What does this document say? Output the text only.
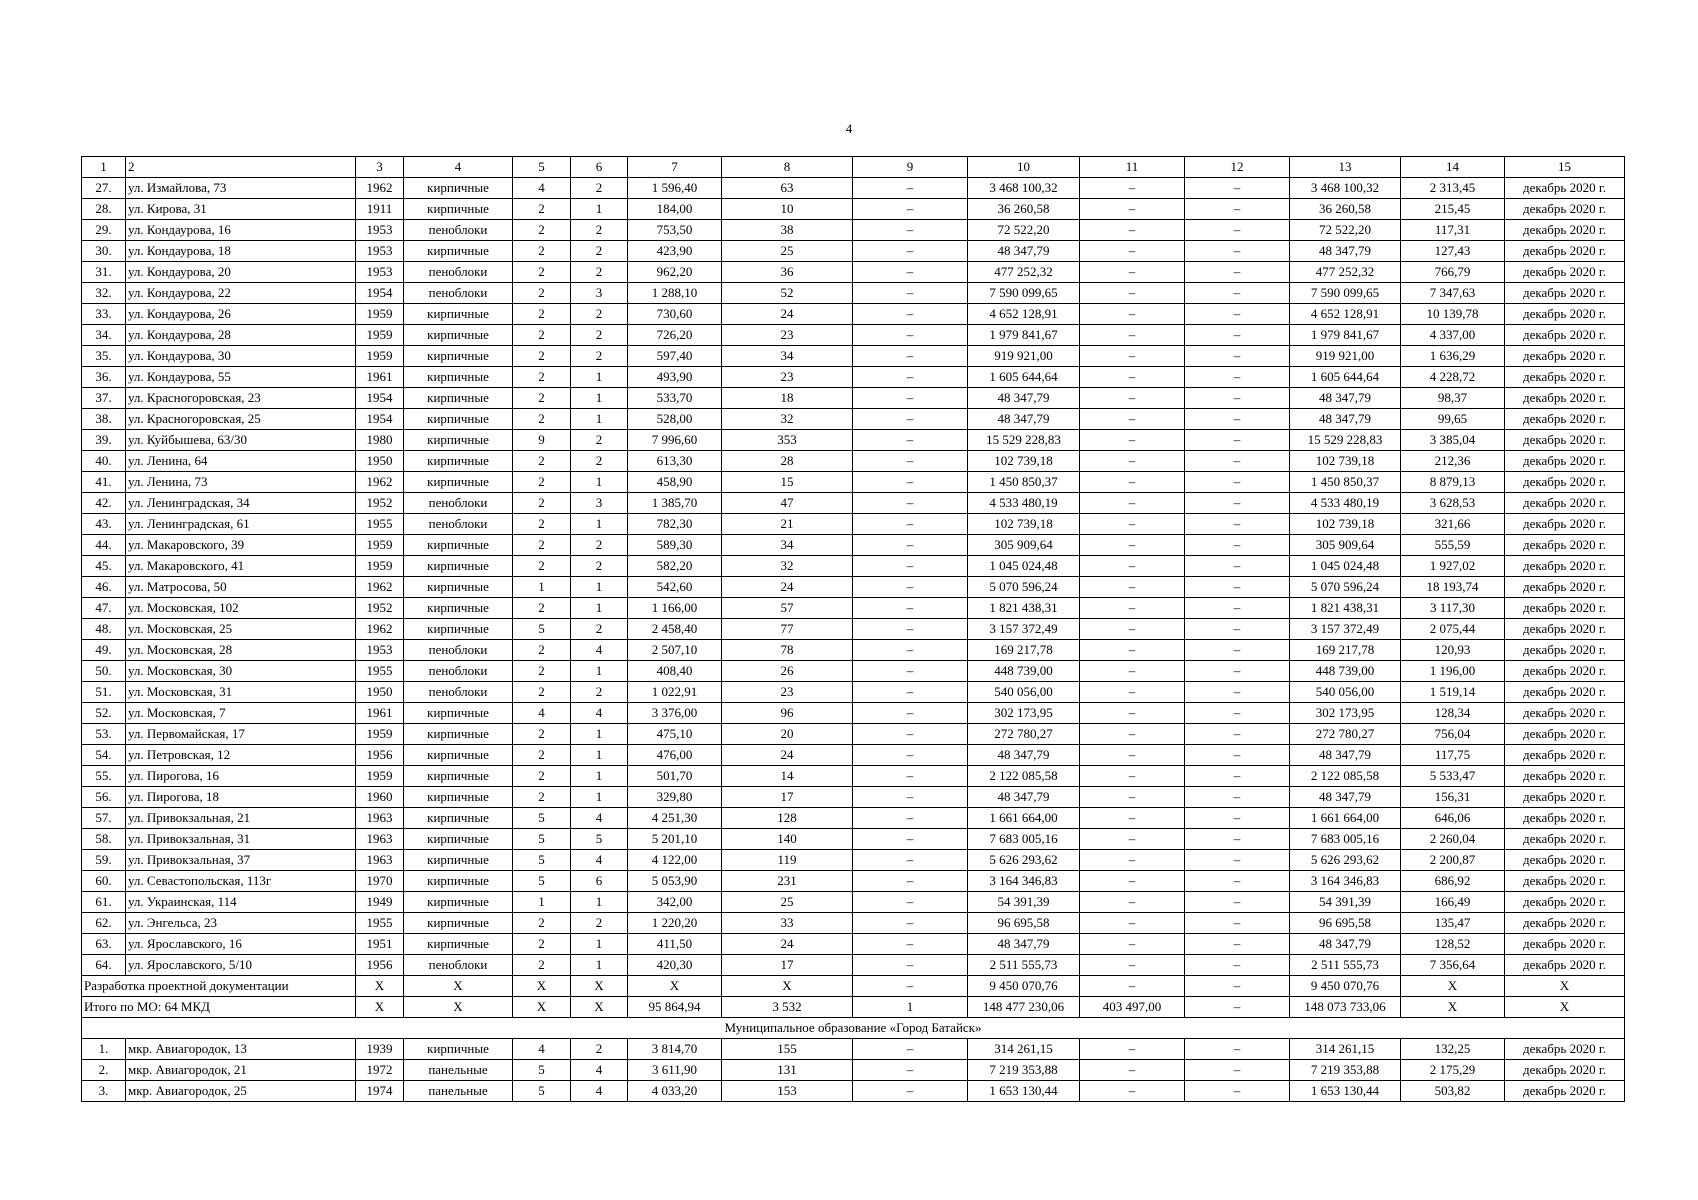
4
1	2	3	4	5	6	7	8	9	10	11	12	13	14	15
27.	ул. Измайлова, 73	1962	кирпичные	4	2	1 596,40	63	–	3 468 100,32	–	–	3 468 100,32	2 313,45	декабрь 2020 г.
28.	ул. Кирова, 31	1911	кирпичные	2	1	184,00	10	–	36 260,58	–	–	36 260,58	215,45	декабрь 2020 г.
29.	ул. Кондаурова, 16	1953	пеноблоки	2	2	753,50	38	–	72 522,20	–	–	72 522,20	117,31	декабрь 2020 г.
30.	ул. Кондаурова, 18	1953	кирпичные	2	2	423,90	25	–	48 347,79	–	–	48 347,79	127,43	декабрь 2020 г.
31.	ул. Кондаурова, 20	1953	пеноблоки	2	2	962,20	36	–	477 252,32	–	–	477 252,32	766,79	декабрь 2020 г.
32.	ул. Кондаурова, 22	1954	пеноблоки	2	3	1 288,10	52	–	7 590 099,65	–	–	7 590 099,65	7 347,63	декабрь 2020 г.
33.	ул. Кондаурова, 26	1959	кирпичные	2	2	730,60	24	–	4 652 128,91	–	–	4 652 128,91	10 139,78	декабрь 2020 г.
34.	ул. Кондаурова, 28	1959	кирпичные	2	2	726,20	23	–	1 979 841,67	–	–	1 979 841,67	4 337,00	декабрь 2020 г.
35.	ул. Кондаурова, 30	1959	кирпичные	2	2	597,40	34	–	919 921,00	–	–	919 921,00	1 636,29	декабрь 2020 г.
36.	ул. Кондаурова, 55	1961	кирпичные	2	1	493,90	23	–	1 605 644,64	–	–	1 605 644,64	4 228,72	декабрь 2020 г.
37.	ул. Красногоровская, 23	1954	кирпичные	2	1	533,70	18	–	48 347,79	–	–	48 347,79	98,37	декабрь 2020 г.
38.	ул. Красногоровская, 25	1954	кирпичные	2	1	528,00	32	–	48 347,79	–	–	48 347,79	99,65	декабрь 2020 г.
39.	ул. Куйбышева, 63/30	1980	кирпичные	9	2	7 996,60	353	–	15 529 228,83	–	–	15 529 228,83	3 385,04	декабрь 2020 г.
40.	ул. Ленина, 64	1950	кирпичные	2	2	613,30	28	–	102 739,18	–	–	102 739,18	212,36	декабрь 2020 г.
41.	ул. Ленина, 73	1962	кирпичные	2	1	458,90	15	–	1 450 850,37	–	–	1 450 850,37	8 879,13	декабрь 2020 г.
42.	ул. Ленинградская, 34	1952	пеноблоки	2	3	1 385,70	47	–	4 533 480,19	–	–	4 533 480,19	3 628,53	декабрь 2020 г.
43.	ул. Ленинградская, 61	1955	пеноблоки	2	1	782,30	21	–	102 739,18	–	–	102 739,18	321,66	декабрь 2020 г.
44.	ул. Макаровского, 39	1959	кирпичные	2	2	589,30	34	–	305 909,64	–	–	305 909,64	555,59	декабрь 2020 г.
45.	ул. Макаровского, 41	1959	кирпичные	2	2	582,20	32	–	1 045 024,48	–	–	1 045 024,48	1 927,02	декабрь 2020 г.
46.	ул. Матросова, 50	1962	кирпичные	1	1	542,60	24	–	5 070 596,24	–	–	5 070 596,24	18 193,74	декабрь 2020 г.
47.	ул. Московская, 102	1952	кирпичные	2	1	1 166,00	57	–	1 821 438,31	–	–	1 821 438,31	3 117,30	декабрь 2020 г.
48.	ул. Московская, 25	1962	кирпичные	5	2	2 458,40	77	–	3 157 372,49	–	–	3 157 372,49	2 075,44	декабрь 2020 г.
49.	ул. Московская, 28	1953	пеноблоки	2	4	2 507,10	78	–	169 217,78	–	–	169 217,78	120,93	декабрь 2020 г.
50.	ул. Московская, 30	1955	пеноблоки	2	1	408,40	26	–	448 739,00	–	–	448 739,00	1 196,00	декабрь 2020 г.
51.	ул. Московская, 31	1950	пеноблоки	2	2	1 022,91	23	–	540 056,00	–	–	540 056,00	1 519,14	декабрь 2020 г.
52.	ул. Московская, 7	1961	кирпичные	4	4	3 376,00	96	–	302 173,95	–	–	302 173,95	128,34	декабрь 2020 г.
53.	ул. Первомайская, 17	1959	кирпичные	2	1	475,10	20	–	272 780,27	–	–	272 780,27	756,04	декабрь 2020 г.
54.	ул. Петровская, 12	1956	кирпичные	2	1	476,00	24	–	48 347,79	–	–	48 347,79	117,75	декабрь 2020 г.
55.	ул. Пирогова, 16	1959	кирпичные	2	1	501,70	14	–	2 122 085,58	–	–	2 122 085,58	5 533,47	декабрь 2020 г.
56.	ул. Пирогова, 18	1960	кирпичные	2	1	329,80	17	–	48 347,79	–	–	48 347,79	156,31	декабрь 2020 г.
57.	ул. Привокзальная, 21	1963	кирпичные	5	4	4 251,30	128	–	1 661 664,00	–	–	1 661 664,00	646,06	декабрь 2020 г.
58.	ул. Привокзальная, 31	1963	кирпичные	5	5	5 201,10	140	–	7 683 005,16	–	–	7 683 005,16	2 260,04	декабрь 2020 г.
59.	ул. Привокзальная, 37	1963	кирпичные	5	4	4 122,00	119	–	5 626 293,62	–	–	5 626 293,62	2 200,87	декабрь 2020 г.
60.	ул. Севастопольская, 113г	1970	кирпичные	5	6	5 053,90	231	–	3 164 346,83	–	–	3 164 346,83	686,92	декабрь 2020 г.
61.	ул. Украинская, 114	1949	кирпичные	1	1	342,00	25	–	54 391,39	–	–	54 391,39	166,49	декабрь 2020 г.
62.	ул. Энгельса, 23	1955	кирпичные	2	2	1 220,20	33	–	96 695,58	–	–	96 695,58	135,47	декабрь 2020 г.
63.	ул. Ярославского, 16	1951	кирпичные	2	1	411,50	24	–	48 347,79	–	–	48 347,79	128,52	декабрь 2020 г.
64.	ул. Ярославского, 5/10	1956	пеноблоки	2	1	420,30	17	–	2 511 555,73	–	–	2 511 555,73	7 356,64	декабрь 2020 г.
Разработка проектной документации		X	X	X	X	X	X	–	9 450 070,76	–	–	9 450 070,76	X	X
Итого по МО: 64 МКД		X	X	X	X	95 864,94	3 532	1	148 477 230,06	403 497,00	–	148 073 733,06	X	X
Муниципальное образование «Город Батайск»														
1.	мкр. Авиагородок, 13	1939	кирпичные	4	2	3 814,70	155	–	314 261,15	–	–	314 261,15	132,25	декабрь 2020 г.
2.	мкр. Авиагородок, 21	1972	панельные	5	4	3 611,90	131	–	7 219 353,88	–	–	7 219 353,88	2 175,29	декабрь 2020 г.
3.	мкр. Авиагородок, 25	1974	панельные	5	4	4 033,20	153	–	1 653 130,44	–	–	1 653 130,44	503,82	декабрь 2020 г.
